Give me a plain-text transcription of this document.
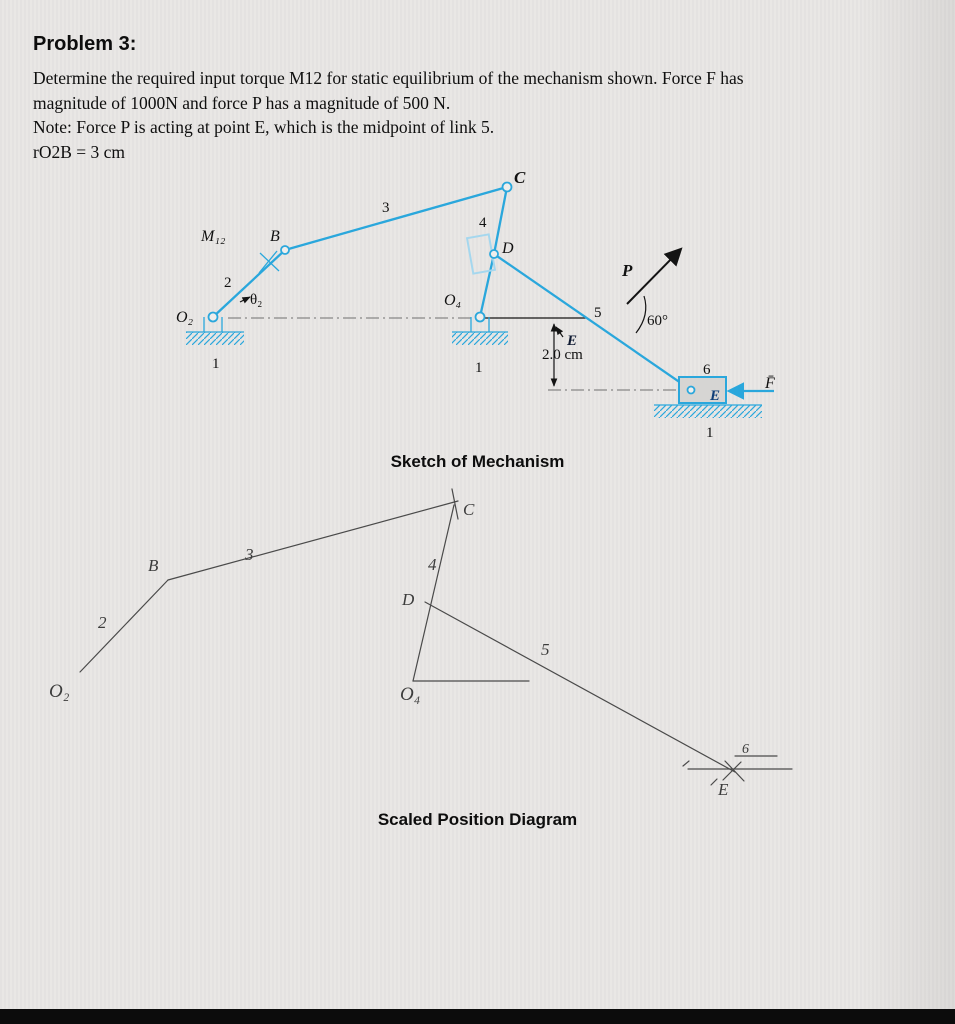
Problem 3:
Determine the required input torque M12 for static equilibrium of the mechanism shown. Force F has
magnitude of 1000N and force P has a magnitude of 500 N.
Note: Force P is acting at point E, which is the midpoint of link 5.
rO2B = 3 cm
M₁₂	B
2
θ₂
O₂
1
3
C
4
D
O₄
1
E
2.0 cm
5
P
60°
6
E
F̄
1
Sketch of Mechanism
O₂
2
B
3
C
4
D
O₄
5
6
E
Scaled Position Diagram
